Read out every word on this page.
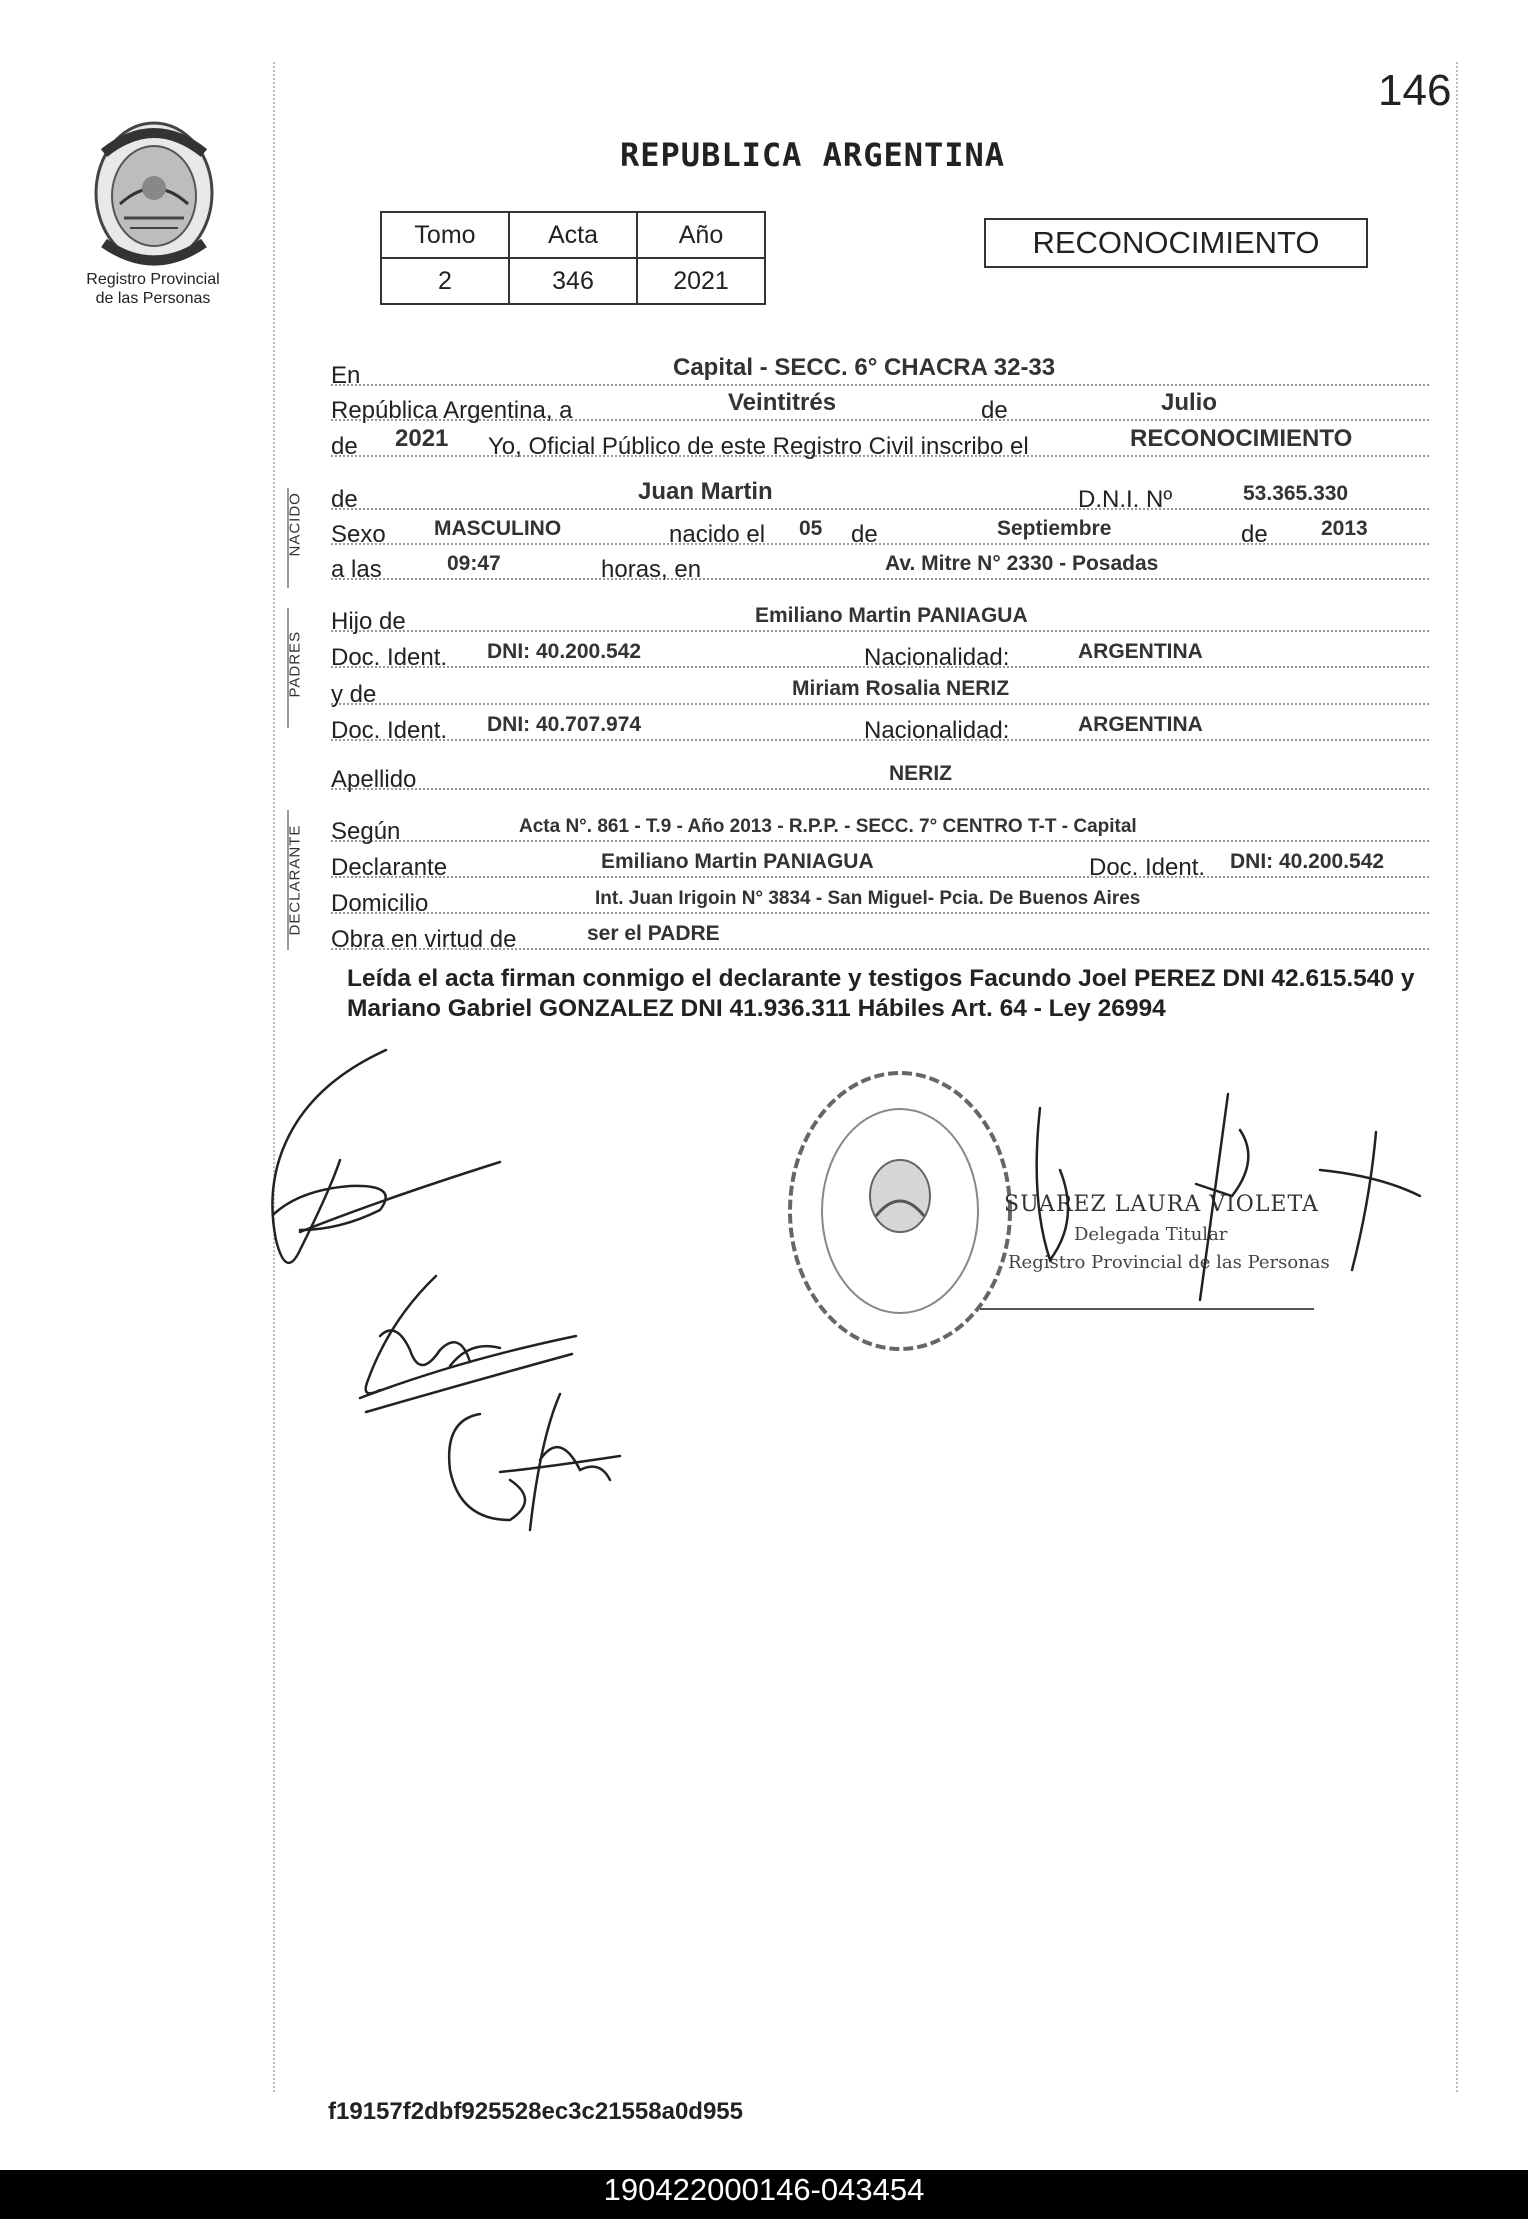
146
REPUBLICA ARGENTINA
Registro Provincial
de las Personas
Tomo	Acta	Año
2	346	2021
RECONOCIMIENTO
NACIDO
PADRES
DECLARANTE
En	Capital - SECC. 6° CHACRA 32-33
República Argentina, a	Veintitrés	de	Julio
de 2021 Yo, Oficial Público de este Registro Civil inscribo el	RECONOCIMIENTO
de	Juan Martin	D.N.I. Nº	53.365.330
Sexo MASCULINO	nacido el 05 de	Septiembre	de	2013
a las	09:47	horas, en	Av. Mitre N° 2330 - Posadas
Hijo de	Emiliano Martin PANIAGUA
Doc. Ident. DNI: 40.200.542	Nacionalidad:	ARGENTINA
y de	Miriam Rosalia NERIZ
Doc. Ident. DNI: 40.707.974	Nacionalidad:	ARGENTINA
Apellido	NERIZ
Según	Acta N°. 861 - T.9 - Año 2013 - R.P.P. - SECC. 7° CENTRO T-T - Capital
Declarante	Emiliano Martin PANIAGUA	Doc. Ident. DNI: 40.200.542
Domicilio	Int. Juan Irigoin N° 3834 - San Miguel- Pcia. De Buenos Aires
Obra en virtud de	ser el PADRE
Leída el acta firman conmigo el declarante y testigos Facundo Joel PEREZ DNI 42.615.540 y Mariano Gabriel GONZALEZ DNI 41.936.311 Hábiles Art. 64 - Ley 26994
SUAREZ LAURA VIOLETA
Delegada Titular
Registro Provincial de las Personas
f19157f2dbf925528ec3c21558a0d955
190422000146-043454
